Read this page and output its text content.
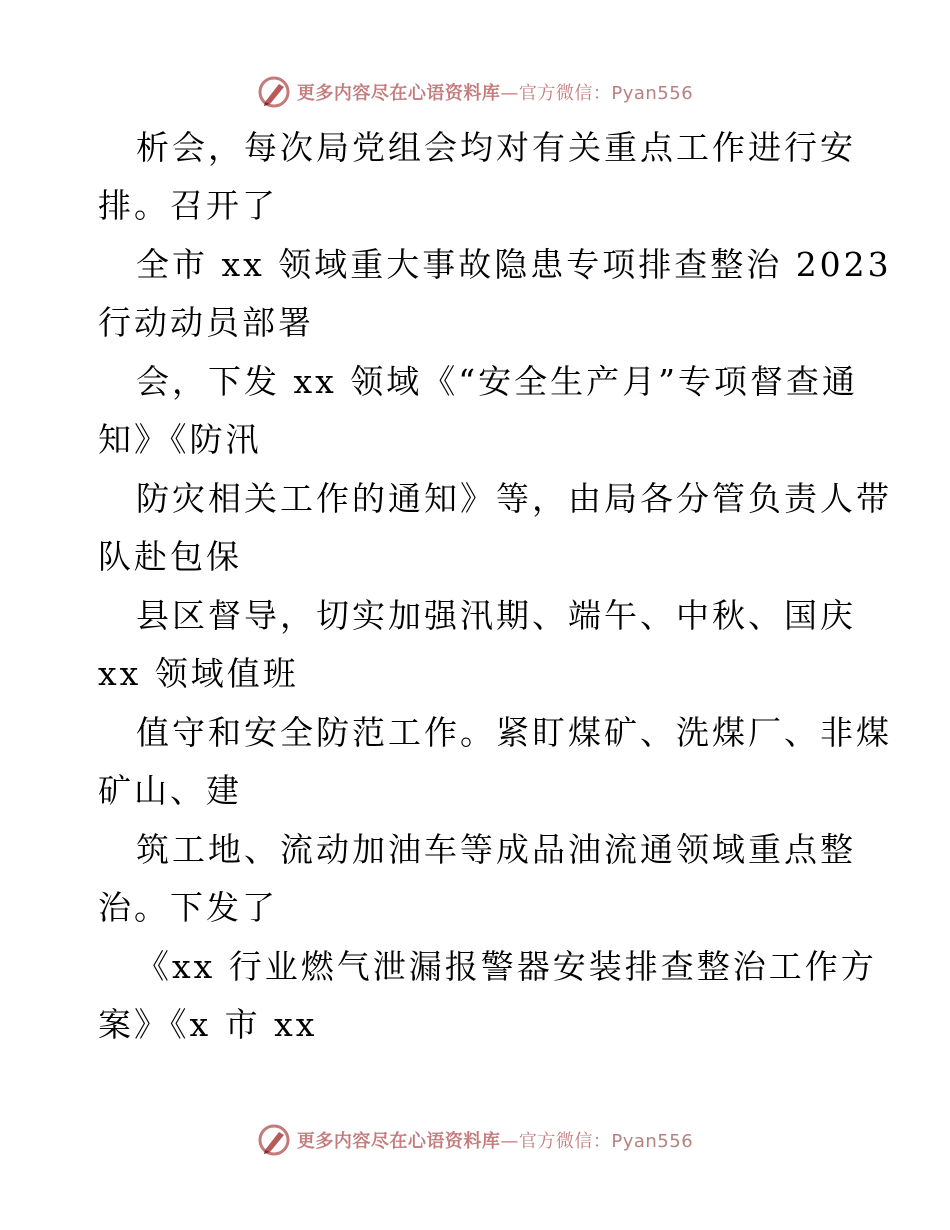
更多内容尽在心语资料库—官方微信：Pyan556
析会，每次局党组会均对有关重点工作进行安
排。召开了
全市 xx 领域重大事故隐患专项排查整治 2023
行动动员部署
会，下发 xx 领域《“安全生产月”专项督查通
知》《防汛
防灾相关工作的通知》等，由局各分管负责人带
队赴包保
县区督导，切实加强汛期、端午、中秋、国庆
xx 领域值班
值守和安全防范工作。紧盯煤矿、洗煤厂、非煤
矿山、建
筑工地、流动加油车等成品油流通领域重点整
治。下发了
《xx 行业燃气泄漏报警器安装排查整治工作方
案》《x 市 xx
更多内容尽在心语资料库—官方微信：Pyan556
